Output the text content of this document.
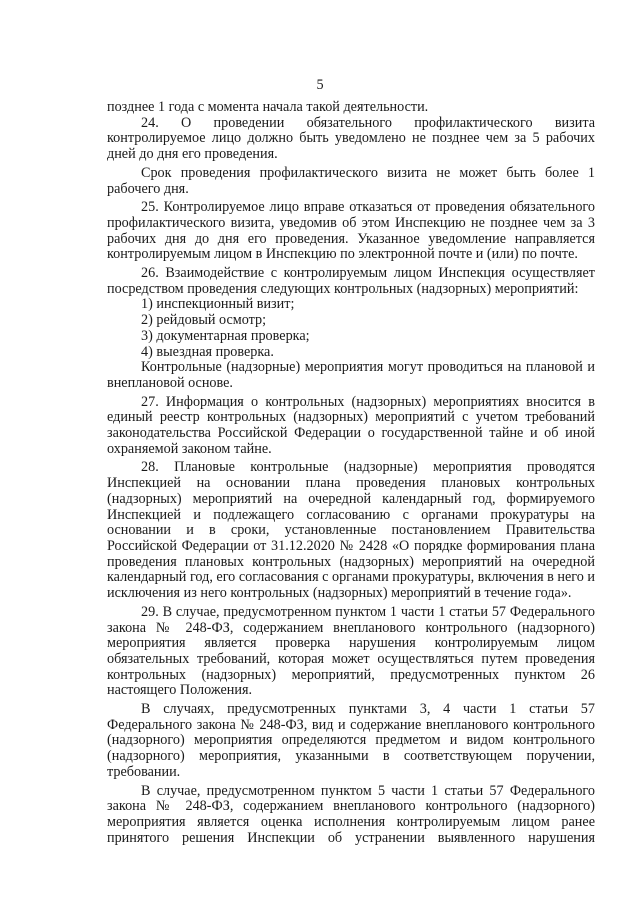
5

позднее 1 года с момента начала такой деятельности.

24. О проведении обязательного профилактического визита контролируемое лицо должно быть уведомлено не позднее чем за 5 рабочих дней до дня его проведения.

Срок проведения профилактического визита не может быть более 1 рабочего дня.

25. Контролируемое лицо вправе отказаться от проведения обязательного профилактического визита, уведомив об этом Инспекцию не позднее чем за 3 рабочих дня до дня его проведения. Указанное уведомление направляется контролируемым лицом в Инспекцию по электронной почте и (или) по почте.

26. Взаимодействие с контролируемым лицом Инспекция осуществляет посредством проведения следующих контрольных (надзорных) мероприятий:

1) инспекционный визит;

2) рейдовый осмотр;

3) документарная проверка;

4) выездная проверка.

Контрольные (надзорные) мероприятия могут проводиться на плановой и внеплановой основе.

27. Информация о контрольных (надзорных) мероприятиях вносится в единый реестр контрольных (надзорных) мероприятий с учетом требований законодательства Российской Федерации о государственной тайне и об иной охраняемой законом тайне.

28. Плановые контрольные (надзорные) мероприятия проводятся Инспекцией на основании плана проведения плановых контрольных (надзорных) мероприятий на очередной календарный год, формируемого Инспекцией и подлежащего согласованию с органами прокуратуры на основании и в сроки, установленные постановлением Правительства Российской Федерации от 31.12.2020 № 2428 «О порядке формирования плана проведения плановых контрольных (надзорных) мероприятий на очередной календарный год, его согласования с органами прокуратуры, включения в него и исключения из него контрольных (надзорных) мероприятий в течение года».

29. В случае, предусмотренном пунктом 1 части 1 статьи 57 Федерального закона № 248-ФЗ, содержанием внепланового контрольного (надзорного) мероприятия является проверка нарушения контролируемым лицом обязательных требований, которая может осуществляться путем проведения контрольных (надзорных) мероприятий, предусмотренных пунктом 26 настоящего Положения.

В случаях, предусмотренных пунктами 3, 4 части 1 статьи 57 Федерального закона № 248-ФЗ, вид и содержание внепланового контрольного (надзорного) мероприятия определяются предметом и видом контрольного (надзорного) мероприятия, указанными в соответствующем поручении, требовании.

В случае, предусмотренном пунктом 5 части 1 статьи 57 Федерального закона № 248-ФЗ, содержанием внепланового контрольного (надзорного) мероприятия является оценка исполнения контролируемым лицом ранее принятого решения Инспекции об устранении выявленного нарушения
